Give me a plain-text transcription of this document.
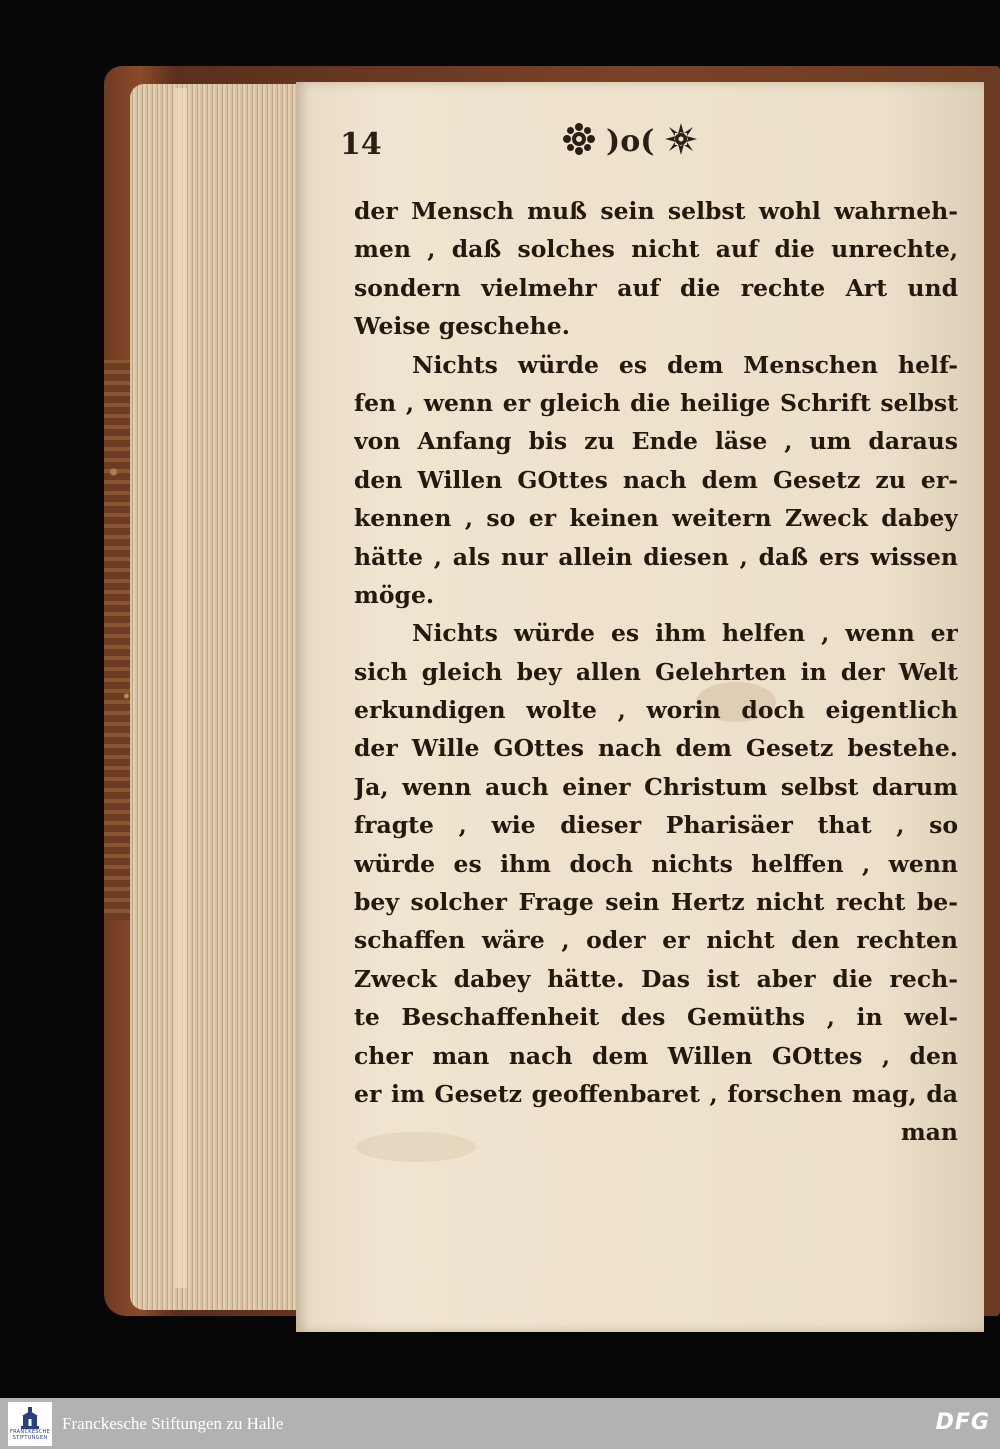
14	)o(
der Mensch muß sein selbst wohl wahrneh-
men , daß solches nicht auf die unrechte,
sondern vielmehr auf die rechte Art und
Weise geschehe.
Nichts würde es dem Menschen helf-
fen , wenn er gleich die heilige Schrift selbst
von Anfang bis zu Ende läse , um daraus
den Willen GOttes nach dem Gesetz zu er-
kennen , so er keinen weitern Zweck dabey
hätte , als nur allein diesen , daß ers wissen
möge.
Nichts würde es ihm helfen , wenn er
sich gleich bey allen Gelehrten in der Welt
erkundigen wolte , worin doch eigentlich
der Wille GOttes nach dem Gesetz bestehe.
Ja, wenn auch einer Christum selbst darum
fragte , wie dieser Pharisäer that , so
würde es ihm doch nichts helffen , wenn
bey solcher Frage sein Hertz nicht recht be-
schaffen wäre , oder er nicht den rechten
Zweck dabey hätte. Das ist aber die rech-
te Beschaffenheit des Gemüths , in wel-
cher man nach dem Willen GOttes , den
er im Gesetz geoffenbaret , forschen mag, da
man
FRANCKESCHE
STIFTUNGEN
Franckesche Stiftungen zu Halle	DFG
